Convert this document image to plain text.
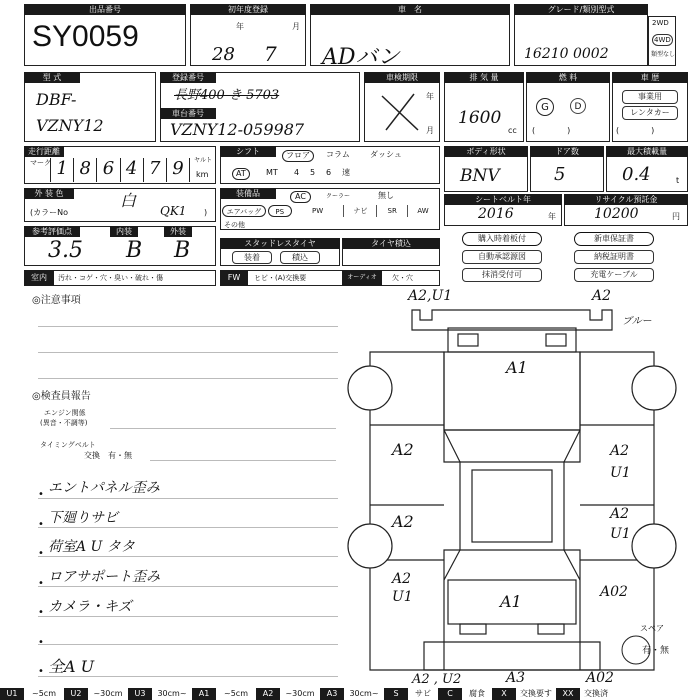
出品番号
SY0059
初年度登録
年	月
28 7
車　名
ADバン
グレード/類別型式
16210 0002
2WD
4WD
類型なし
型 式
DBF-
VZNY12
登録番号
長野400 き 5703
車台番号
VZNY12-059987
車検期限
年
月
排 気 量
1600
cc
燃 料
G	D
(　　　　)
車 歴
事業用
レンタカー
(　　　　)
走行距離
マーク 1 8 6 4 7 9	ヤルト
km
シフト	フロア	コラム	ダッシュ
AT	MT 4 5 6 速
ボディ形状
BNV
ドア数
5
最大積載量
0.4	t
外 装 色	白
(カラーNo	QK1 )
装備品	AC	クーラー	無し
エアバッグ	PS	PW	ナビ	SR	AW
その他
シートベルト年
2016	年
リサイクル預託金
10200	円
参考評価点
3.5
内装
B
外装
B	スタッドレスタイヤ
装着	積込
タイヤ積込
購入時着板付	新車保証書
自動承認源図	納税証明書
抹消受付可	充電ケーブル
室内	汚れ・コゲ・穴・臭い・破れ・傷	FW	ヒビ・(A)交換要	オーディオ	欠・穴
◎注意事項
◎検査員報告
エンジン関係
(異音・不調等)
タイミングベルト
交換　有・無
エントパネル歪み
下廻りサビ
荷室A U タタ
ロアサポート歪み
カメラ・キズ
全A U
•
•
•
•
•
•
•
A2,U1	A2
ブルー
A1
A2
A2
A2
U1
A2
U1
A2
U1
A02
A1
A2 , U2	A3	A02
スペア
有・無
U1	~5cm	U2	~30cm	U3	30cm~	A1	~5cm	A2	~30cm	A3	30cm~	S	サビ	C	腐食	X	交換要す	XX	交換済
